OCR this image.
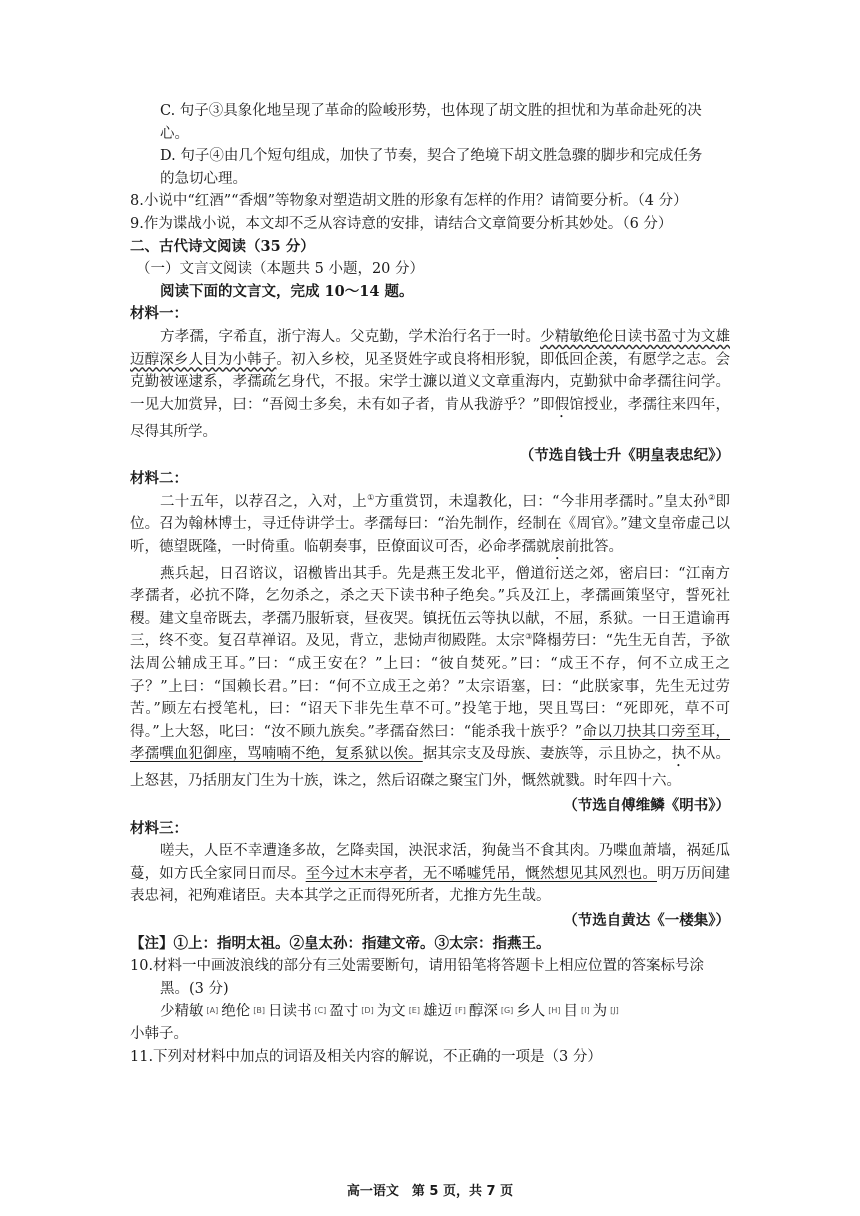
C. 句子③具象化地呈现了革命的险峻形势，也体现了胡文胜的担忧和为革命赴死的决

心。

D. 句子④由几个短句组成，加快了节奏，契合了绝境下胡文胜急骤的脚步和完成任务

的急切心理。

8.小说中“红酒”“香烟”等物象对塑造胡文胜的形象有怎样的作用？请简要分析。（4 分）

9.作为谍战小说，本文却不乏从容诗意的安排，请结合文章简要分析其妙处。（6 分）

二、古代诗文阅读（35 分）

（一）文言文阅读（本题共 5 小题，20 分）

阅读下面的文言文，完成 10～14 题。

材料一：

方孝孺，字希直，浙宁海人。父克勤，学术治行名于一时。少精敏绝伦日读书盈寸为文雄迈醇深乡人目为小韩子。初入乡校，见圣贤姓字或良将相形貌，即低回企羡，有愿学之志。会克勤被诬逮系，孝孺疏乞身代，不报。宋学士濂以道义文章重海内，克勤狱中命孝孺往问学。一见大加赏异，曰：“吾阅士多矣，未有如子者，肯从我游乎？”即假馆授业，孝孺往来四年，尽得其所学。

（节选自钱士升《明皇表忠纪》）

材料二：

二十五年，以荐召之，入对，上①方重赏罚，未遑教化，曰：“今非用孝孺时。”皇太孙②即位。召为翰林博士，寻迁侍讲学士。孝孺每曰：“治先制作，经制在《周官》。”建文皇帝虚己以听，德望既隆，一时倚重。临朝奏事，臣僚面议可否，必命孝孺就扆前批答。

燕兵起，日召谘议，诏檄皆出其手。先是燕王发北平，僧道衍送之郊，密启曰：“江南方孝孺者，必抗不降，乞勿杀之，杀之天下读书种子绝矣。”兵及江上，孝孺画策坚守，誓死社稷。建文皇帝既去，孝孺乃服斩衰，昼夜哭。镇抚伍云等执以献，不屈，系狱。一日王遣谕再三，终不变。复召草禅诏。及见，背立，悲恸声彻殿陛。太宗③降榻劳曰：“先生无自苦，予欲法周公辅成王耳。”曰：“成王安在？”上曰：“彼自焚死。”曰：“成王不存，何不立成王之子？”上曰：“国赖长君。”曰：“何不立成王之弟？”太宗语塞，曰：“此朕家事，先生无过劳苦。”顾左右授笔札，曰：“诏天下非先生草不可。”投笔于地，哭且骂曰：“死即死，草不可得。”上大怒，叱曰：“汝不顾九族矣。”孝孺奋然曰：“能杀我十族乎？”命以刀抉其口旁至耳，孝孺噀血犯御座，骂喃喃不绝，复系狱以俟。据其宗支及母族、妻族等，示且协之，执不从。上怒甚，乃括朋友门生为十族，诛之，然后诏磔之聚宝门外，慨然就戮。时年四十六。

（节选自傅维鳞《明书》）

材料三：

嗟夫，人臣不幸遭逢多故，乞降卖国，泱泯求活，狗彘当不食其肉。乃喋血萧墙，祸延瓜蔓，如方氏全家同日而尽。至今过木末亭者，无不唏嘘凭吊，慨然想见其风烈也。明万历间建表忠祠，祀殉难诸臣。夫本其学之正而得死所者，尤推方先生哉。

（节选自黄达《一楼集》）

【注】①上：指明太祖。②皇太孙：指建文帝。③太宗：指燕王。

10.材料一中画波浪线的部分有三处需要断句，请用铅笔将答题卡上相应位置的答案标号涂

黑。(3 分)

少精敏 [A] 绝伦 [B] 日读书 [C] 盈寸 [D] 为文 [E] 雄迈 [F] 醇深 [G] 乡人 [H] 目 [I] 为 [J]

小韩子。

11.下列对材料中加点的词语及相关内容的解说，不正确的一项是（3 分）

高一语文　第 5 页，共 7 页
